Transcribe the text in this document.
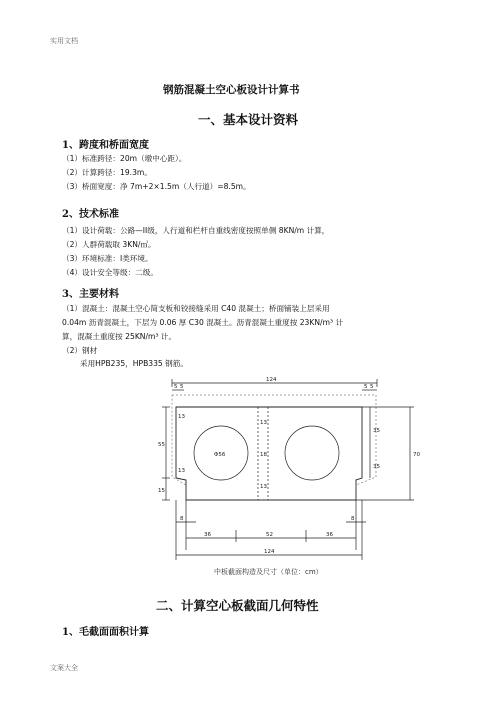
实用文档
钢筋混凝土空心板设计计算书
一、基本设计资料
1、跨度和桥面宽度
（1）标准跨径：20m（墩中心距）。
（2）计算跨径：19.3m。
（3）桥面宽度：净 7m+2×1.5m（人行道）=8.5m。
2、技术标准
（1）设计荷载：公路—II级，人行道和栏杆自重线密度按照单侧 8KN/m 计算，
（2）人群荷载取 3KN/㎡。
（3）环境标准：Ⅰ类环境。
（4）设计安全等级：二级。
3、主要材料
（1）混凝土：混凝土空心简支板和铰接缝采用 C40 混凝土；桥面铺装上层采用
0.04m 沥青混凝土，下层为 0.06 厚 C30 混凝土。沥青混凝土重度按 23KN/m³ 计
算，混凝土重度按 25KN/m³ 计。
（2）钢材
采用HPB235，HPB335 钢筋。
124
5 5	5 5
55
15
13
18
13
13
13
Φ56
35
35
70
8	8
36	52	36
124
中板截面构造及尺寸（单位：cm）
二、计算空心板截面几何特性
1、毛截面面积计算
文案大全
